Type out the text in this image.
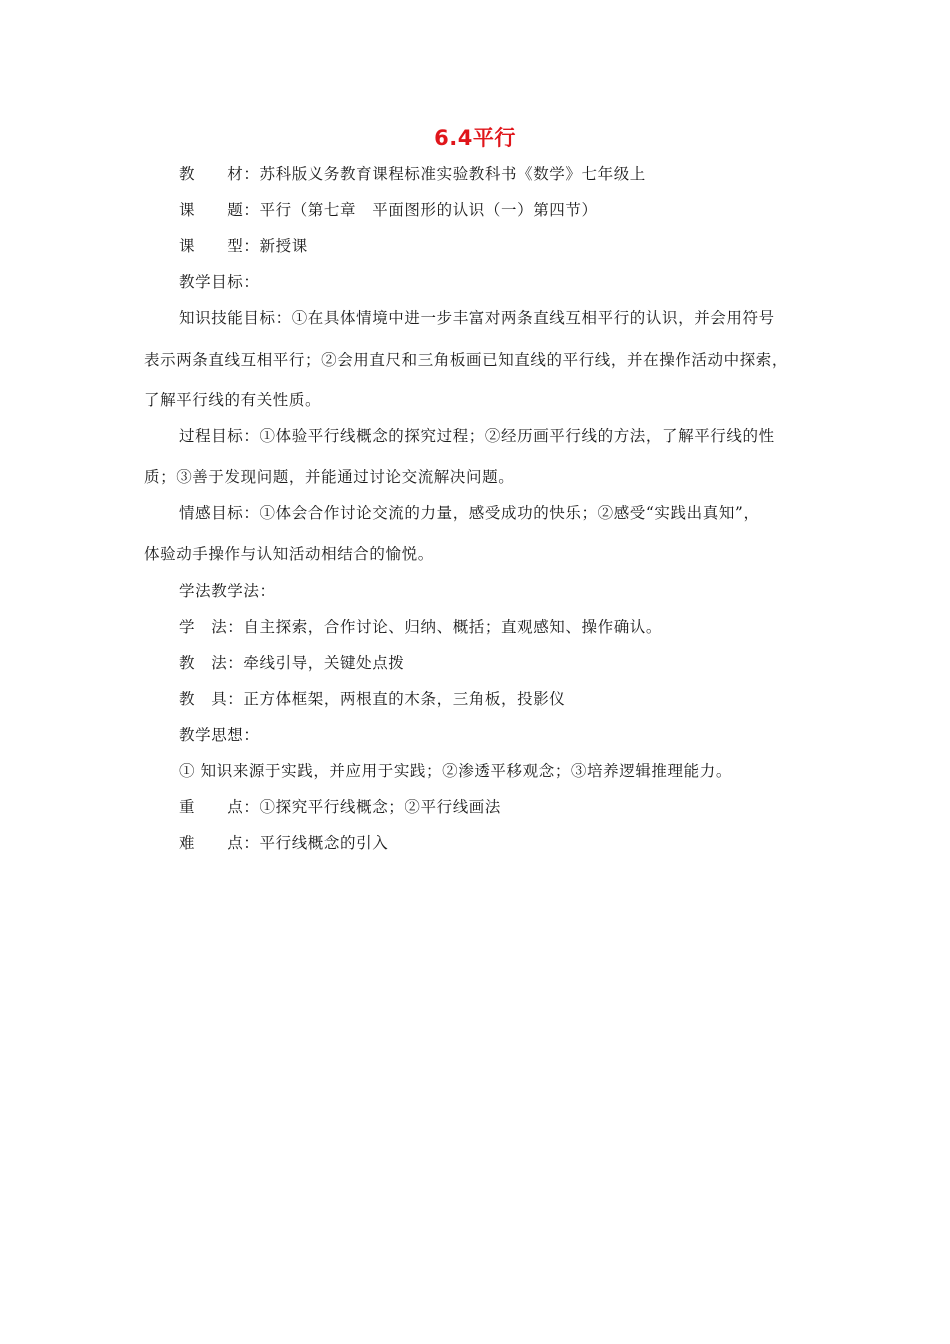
6.4平行
教　　材：苏科版义务教育课程标准实验教科书《数学》七年级上
课　　题：平行（第七章　平面图形的认识（一）第四节）
课　　型：新授课
教学目标：
知识技能目标：①在具体情境中进一步丰富对两条直线互相平行的认识，并会用符号
表示两条直线互相平行；②会用直尺和三角板画已知直线的平行线，并在操作活动中探索，
了解平行线的有关性质。
过程目标：①体验平行线概念的探究过程；②经历画平行线的方法，了解平行线的性
质；③善于发现问题，并能通过讨论交流解决问题。
情感目标：①体会合作讨论交流的力量，感受成功的快乐；②感受“实践出真知”，
体验动手操作与认知活动相结合的愉悦。
学法教学法：
学　法：自主探索，合作讨论、归纳、概括；直观感知、操作确认。
教　法：牵线引导，关键处点拨
教　具：正方体框架，两根直的木条，三角板，投影仪
教学思想：
① 知识来源于实践，并应用于实践；②渗透平移观念；③培养逻辑推理能力。
重　　点：①探究平行线概念；②平行线画法
难　　点：平行线概念的引入
